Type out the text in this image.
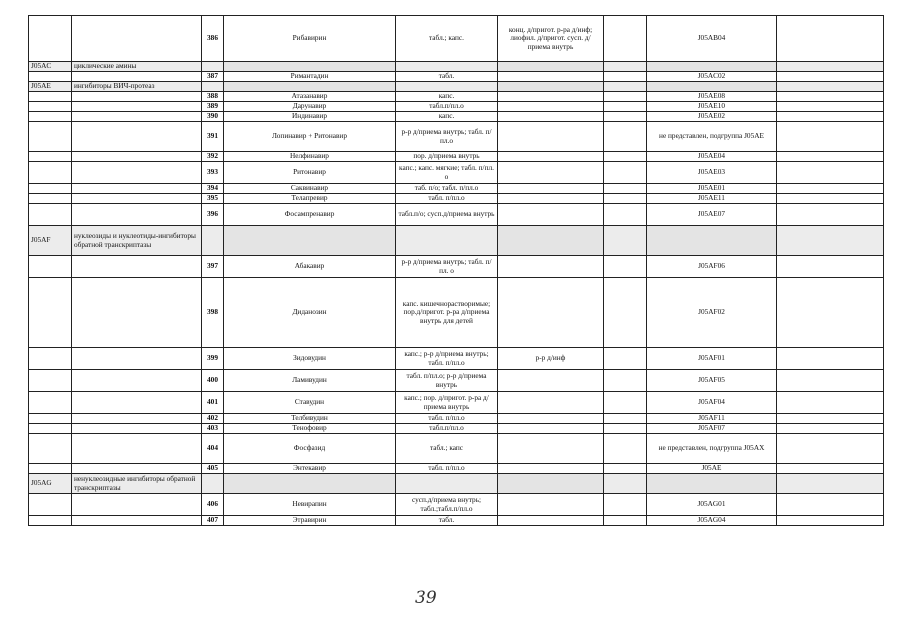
		386	Рибавирин	табл.; капс.	конц. д/пригот. р-ра д/инф; лиофил. д/пригот. сусп. д/приема внутрь		J05AB04	
J05AC	циклические амины							
		387	Римантадин	табл.			J05AC02	
J05AE	ингибиторы ВИЧ-протеаз							
		388	Атазанавир	капс.			J05AE08	
		389	Дарунавир	табл.п/пл.о			J05AE10	
		390	Индинавир	капс.			J05AE02	
		391	Лопинавир + Ритонавир	р-р д/приема внутрь; табл. п/пл.о			не представлен, подгруппа J05AE	
		392	Нелфинавир	пор. д/приема внутрь			J05AE04	
		393	Ритонавир	капс.; капс. мягкие; табл. п/пл. о			J05AE03	
		394	Саквинавир	таб. п/о; табл. п/пл.о			J05AE01	
		395	Телапревир	табл. п/пл.о			J05AE11	
		396	Фосампренавир	табл.п/о; сусп.д/приема внутрь			J05AE07	
J05AF	нуклеозиды и нуклеотиды-ингибиторы обратной транскриптазы							
		397	Абакавир	р-р д/приема внутрь; табл. п/пл. о			J05AF06	
		398	Диданозин	капс. кишечнорастворимые; пор.д/пригот. р-ра д/приема внутрь для детей			J05AF02	
		399	Зидовудин	капс.; р-р д/приема внутрь; табл. п/пл.о	р-р д/инф		J05AF01	
		400	Ламивудин	табл. п/пл.о; р-р д/приема внутрь			J05AF05	
		401	Ставудин	капс.; пор. д/пригот. р-ра д/приема внутрь			J05AF04	
		402	Телбивудин	табл. п/пл.о			J05AF11	
		403	Тенофовир	табл.п/пл.о			J05AF07	
		404	Фосфазид	табл.; капс			не представлен, подгруппа J05AX	
		405	Энтекавир	табл. п/пл.о			J05AE	
J05AG	ненуклеозидные ингибиторы обратной транскриптазы							
		406	Невирапин	сусп.д/приема внутрь; табл.;табл.п/пл.о			J05AG01	
		407	Этравирин	табл.			J05AG04	
39
